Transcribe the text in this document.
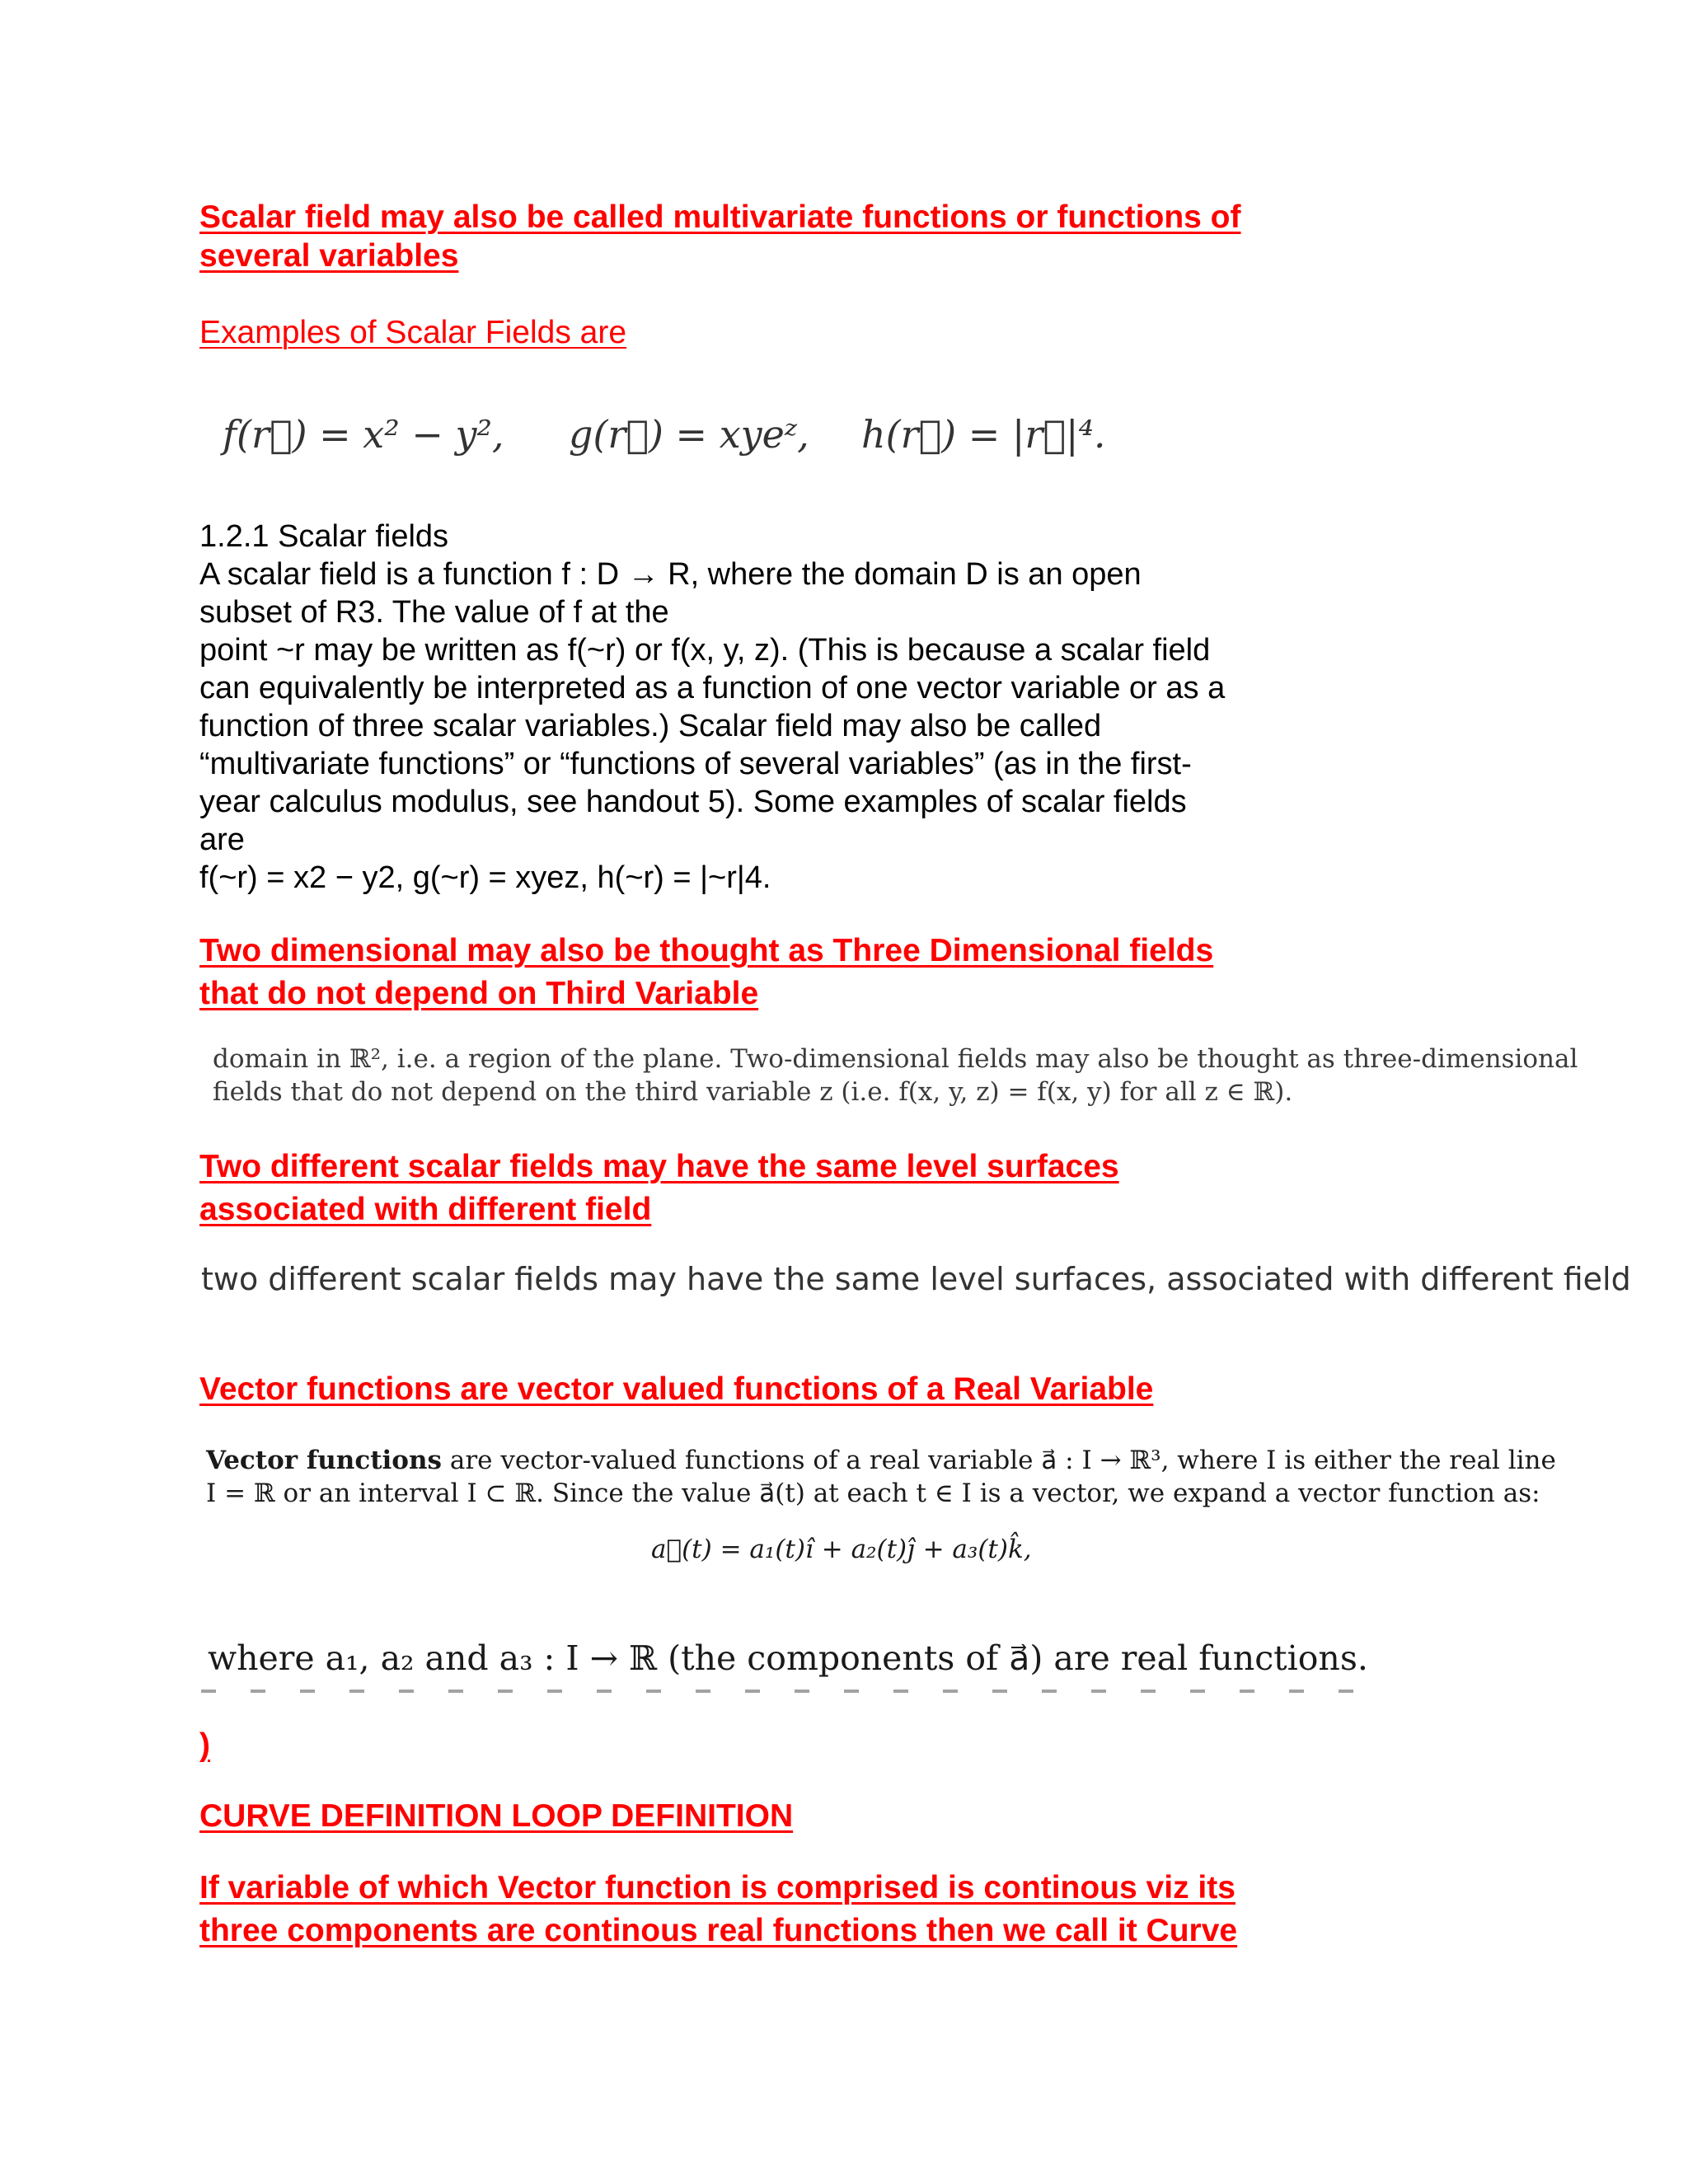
Scalar field may also be called multivariate functions or functions of

several variables

Examples of Scalar Fields are

f(r⃗) = x² − y², g(r⃗) = xyeᶻ, h(r⃗) = |r⃗|⁴.

1.2.1 Scalar fields

A scalar field is a function f : D → R, where the domain D is an open

subset of R3. The value of f at the

point ~r may be written as f(~r) or f(x, y, z). (This is because a scalar field

can equivalently be interpreted as a function of one vector variable or as a

function of three scalar variables.) Scalar field may also be called

“multivariate functions” or “functions of several variables” (as in the first-

year calculus modulus, see handout 5). Some examples of scalar fields

are

f(~r) = x2 − y2, g(~r) = xyez, h(~r) = |~r|4.

Two dimensional may also be thought as Three Dimensional fields

that do not depend on Third Variable

domain in ℝ², i.e. a region of the plane. Two-dimensional fields may also be thought as three-dimensional

fields that do not depend on the third variable z (i.e. f(x, y, z) = f(x, y) for all z ∈ ℝ).

Two different scalar fields may have the same level surfaces

associated with different field

two different scalar fields may have the same level surfaces, associated with different field

Vector functions are vector valued functions of a Real Variable

Vector functions are vector-valued functions of a real variable a⃗ : I → ℝ³, where I is either the real line

I = ℝ or an interval I ⊂ ℝ. Since the value a⃗(t) at each t ∈ I is a vector, we expand a vector function as:

a⃗(t) = a₁(t)î + a₂(t)ĵ + a₃(t)k̂,

where a₁, a₂ and a₃ : I → ℝ (the components of a⃗) are real functions.

)

CURVE DEFINITION LOOP DEFINITION

If variable of which Vector function is comprised is continous viz its

three components are continous real functions then we call it Curve
